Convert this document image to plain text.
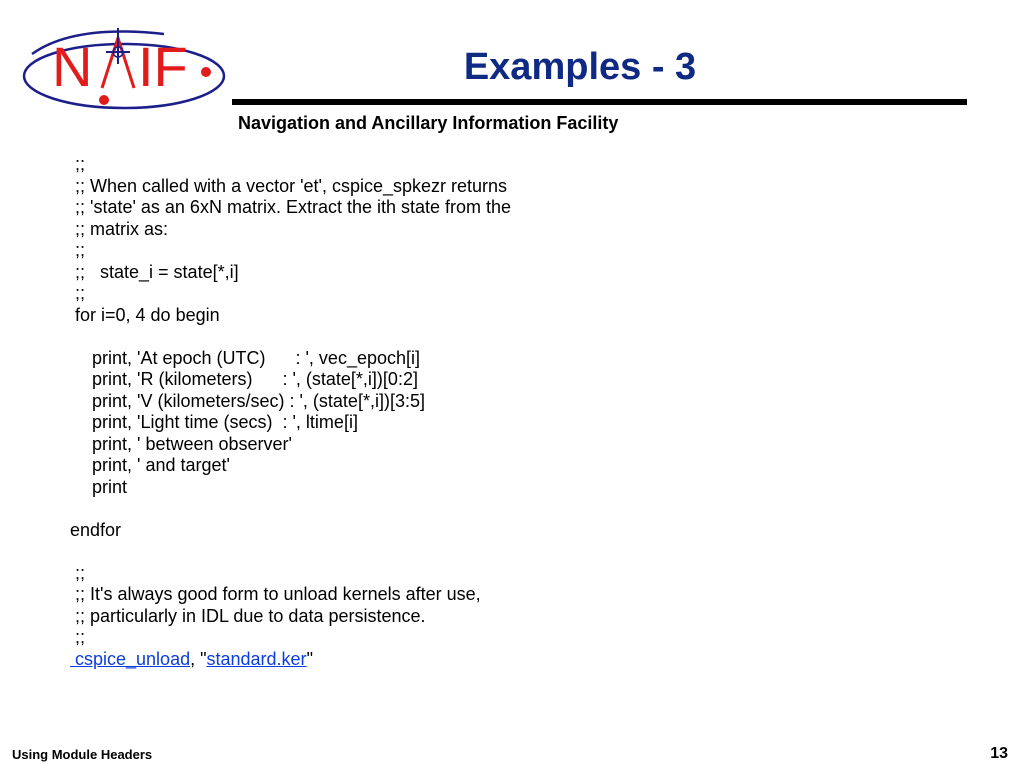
N IF	Examples - 3
Navigation and Ancillary Information Facility
;;
;; When called with a vector 'et', cspice_spkezr returns
;; 'state' as an 6xN matrix. Extract the ith state from the
;; matrix as:
;;
;;   state_i = state[*,i]
;;
for i=0, 4 do begin
print, 'At epoch (UTC)      : ', vec_epoch[i]
print, 'R (kilometers)      : ', (state[*,i])[0:2]
print, 'V (kilometers/sec) : ', (state[*,i])[3:5]
print, 'Light time (secs)  : ', ltime[i]
print, ' between observer'
print, ' and target'
print
endfor
;;
;; It's always good form to unload kernels after use,
;; particularly in IDL due to data persistence.
;;
cspice_unload, "standard.ker"
Using Module Headers	13
